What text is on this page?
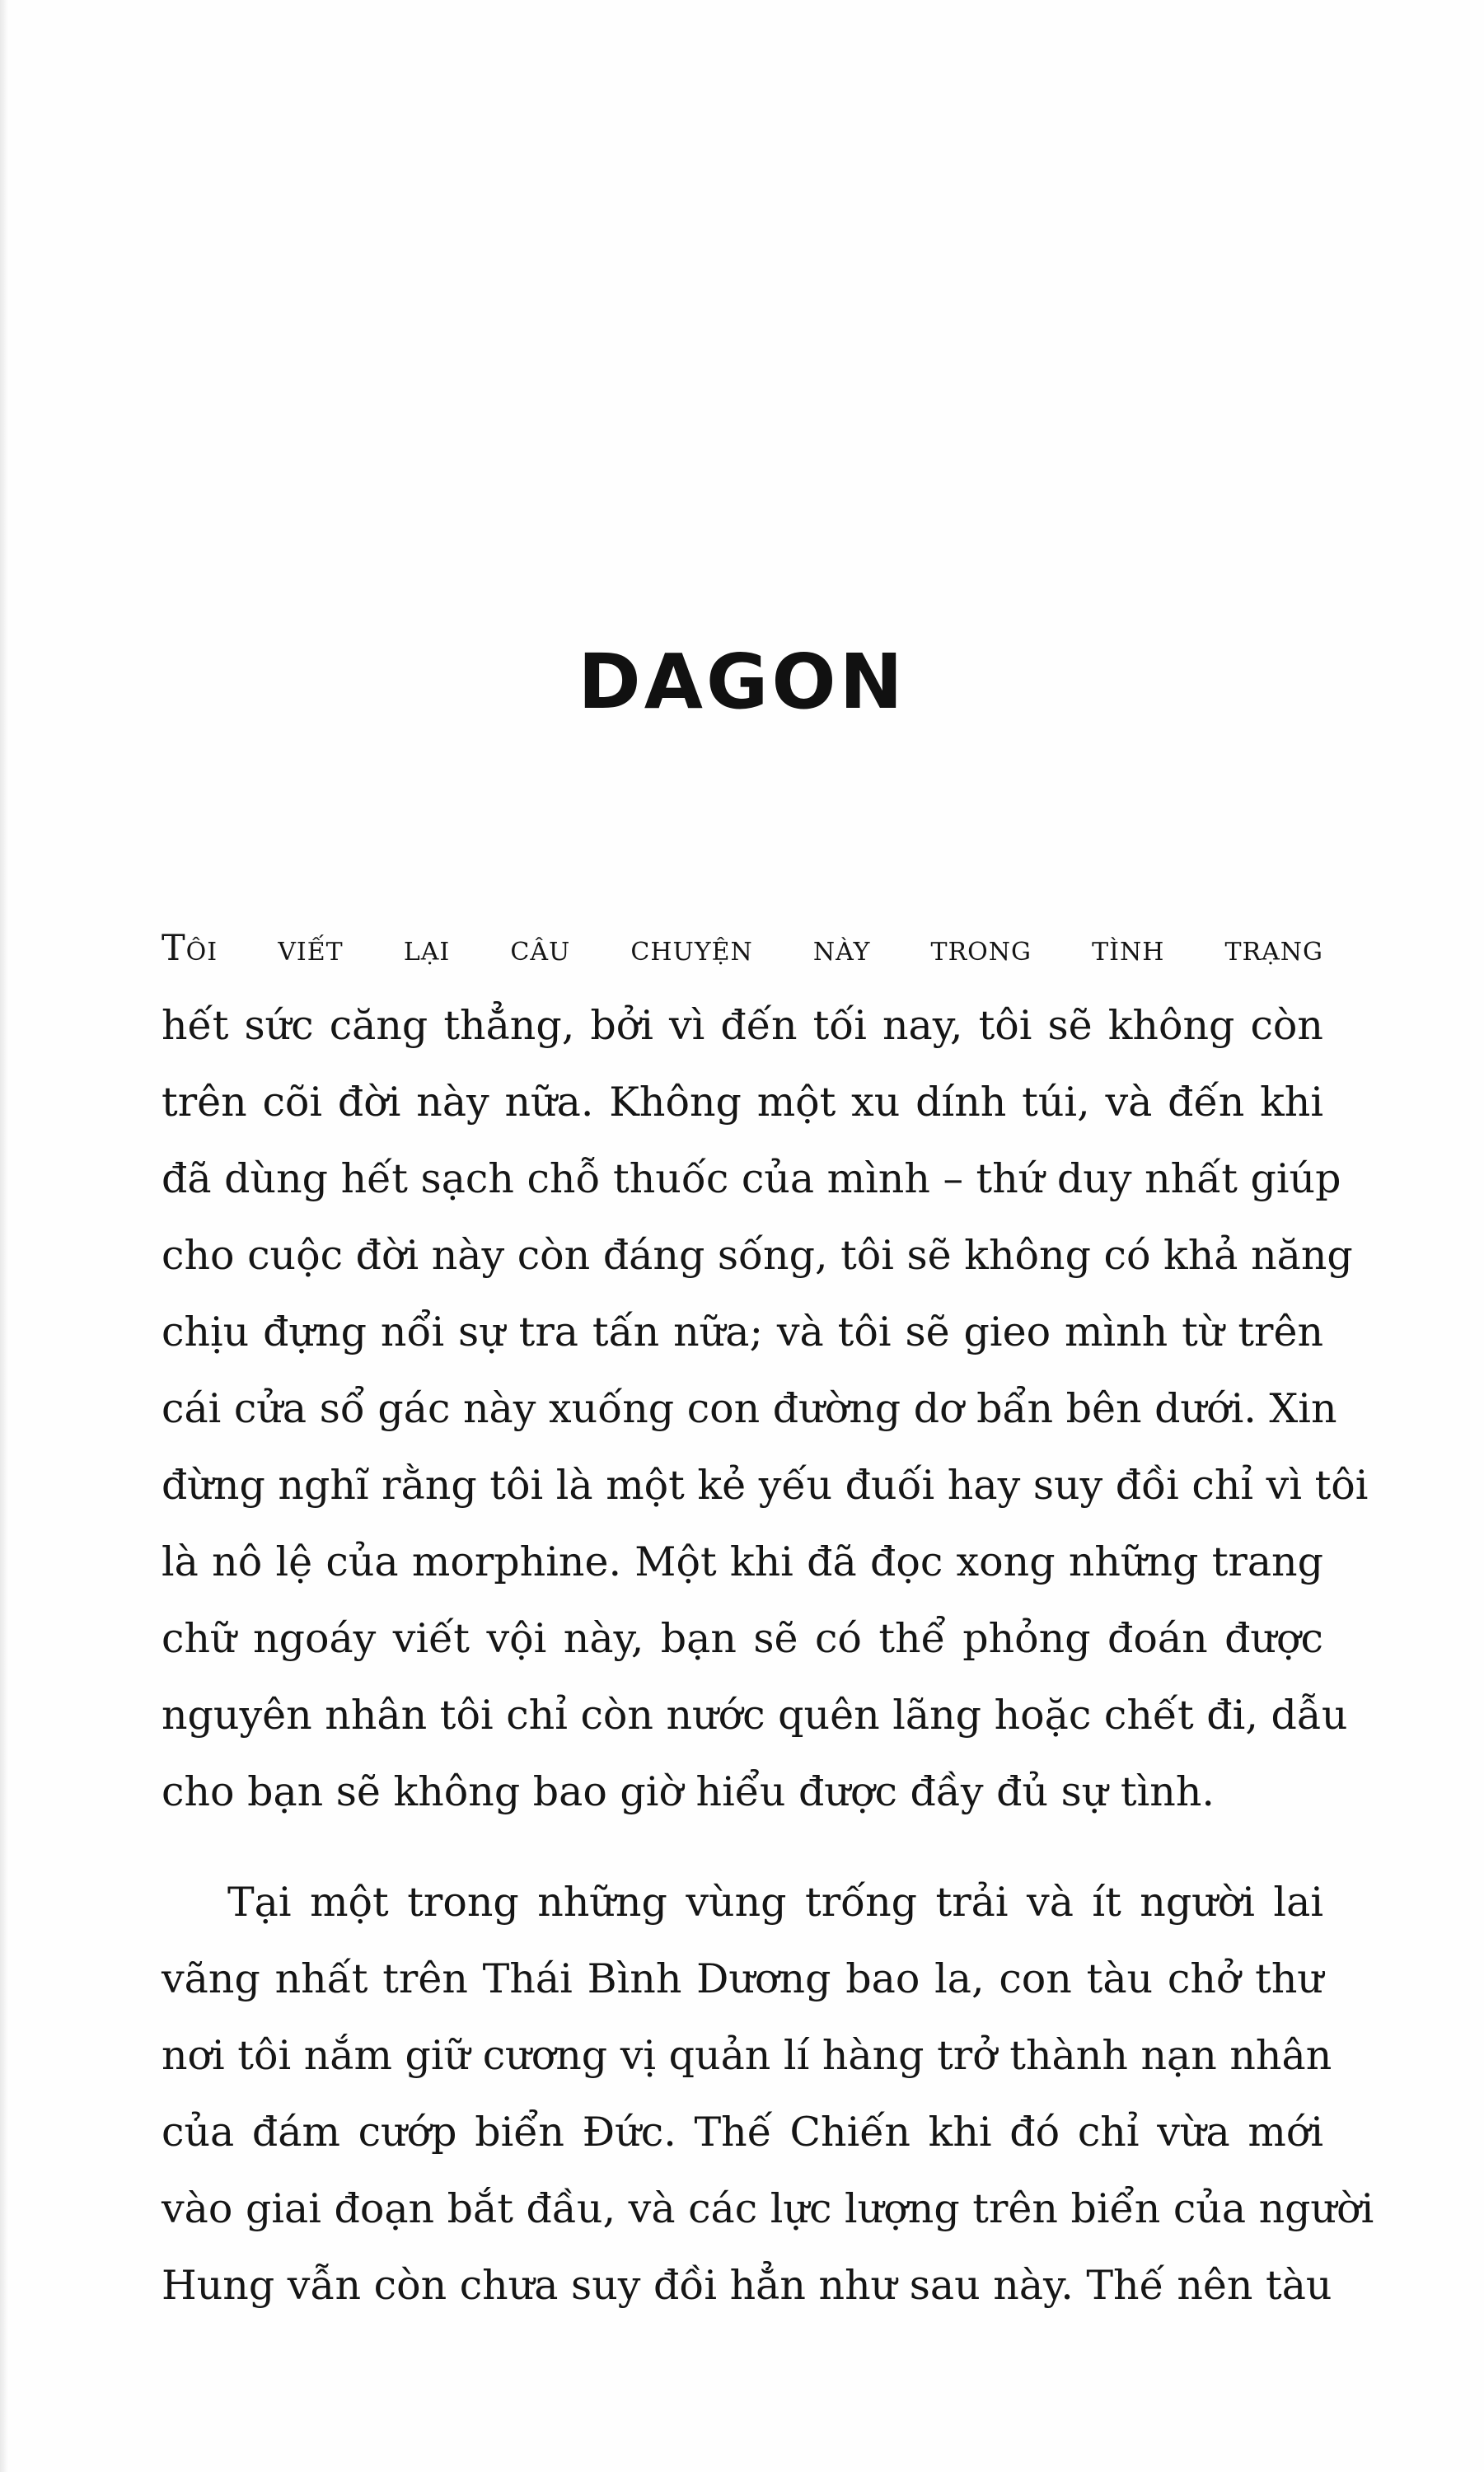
DAGON
Tôi viết lại câu chuyện này trong tình trạng
hết sức căng thẳng, bởi vì đến tối nay, tôi sẽ không còn
trên cõi đời này nữa. Không một xu dính túi, và đến khi
đã dùng hết sạch chỗ thuốc của mình – thứ duy nhất giúp
cho cuộc đời này còn đáng sống, tôi sẽ không có khả năng
chịu đựng nổi sự tra tấn nữa; và tôi sẽ gieo mình từ trên
cái cửa sổ gác này xuống con đường dơ bẩn bên dưới. Xin
đừng nghĩ rằng tôi là một kẻ yếu đuối hay suy đồi chỉ vì tôi
là nô lệ của morphine. Một khi đã đọc xong những trang
chữ ngoáy viết vội này, bạn sẽ có thể phỏng đoán được
nguyên nhân tôi chỉ còn nước quên lãng hoặc chết đi, dẫu
cho bạn sẽ không bao giờ hiểu được đầy đủ sự tình.
Tại một trong những vùng trống trải và ít người lai
vãng nhất trên Thái Bình Dương bao la, con tàu chở thư
nơi tôi nắm giữ cương vị quản lí hàng trở thành nạn nhân
của đám cướp biển Đức. Thế Chiến khi đó chỉ vừa mới
vào giai đoạn bắt đầu, và các lực lượng trên biển của người
Hung vẫn còn chưa suy đồi hẳn như sau này. Thế nên tàu
